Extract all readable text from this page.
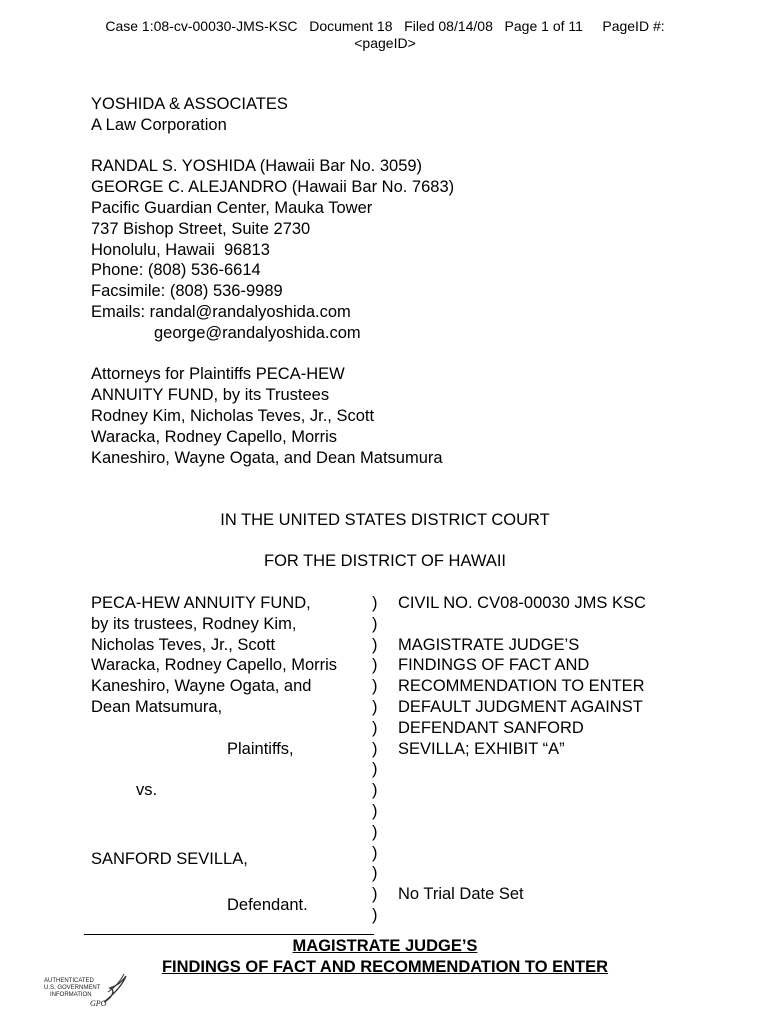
Case 1:08-cv-00030-JMS-KSC   Document 18   Filed 08/14/08   Page 1 of 11     PageID #:
<pageID>
YOSHIDA & ASSOCIATES
A Law Corporation
RANDAL S. YOSHIDA (Hawaii Bar No. 3059)
GEORGE C. ALEJANDRO (Hawaii Bar No. 7683)
Pacific Guardian Center, Mauka Tower
737 Bishop Street, Suite 2730
Honolulu, Hawaii  96813
Phone: (808) 536-6614
Facsimile: (808) 536-9989
Emails: randal@randalyoshida.com
george@randalyoshida.com
Attorneys for Plaintiffs PECA-HEW
ANNUITY FUND, by its Trustees
Rodney Kim, Nicholas Teves, Jr., Scott
Waracka, Rodney Capello, Morris
Kaneshiro, Wayne Ogata, and Dean Matsumura
IN THE UNITED STATES DISTRICT COURT
FOR THE DISTRICT OF HAWAII
PECA-HEW ANNUITY FUND,
by its trustees, Rodney Kim,
Nicholas Teves, Jr., Scott
Waracka, Rodney Capello, Morris
Kaneshiro, Wayne Ogata, and
Dean Matsumura,
Plaintiffs,
vs.
SANFORD SEVILLA,
Defendant.
)
)
)
)
)
)
)
)
)
)
)
)
)
)
)
)
CIVIL NO. CV08-00030 JMS KSC
MAGISTRATE JUDGE’S
FINDINGS OF FACT AND
RECOMMENDATION TO ENTER
DEFAULT JUDGMENT AGAINST
DEFENDANT SANFORD
SEVILLA; EXHIBIT “A”
No Trial Date Set
MAGISTRATE JUDGE’S
FINDINGS OF FACT AND RECOMMENDATION TO ENTER
AUTHENTICATED
U.S. GOVERNMENT
INFORMATION
GPO
